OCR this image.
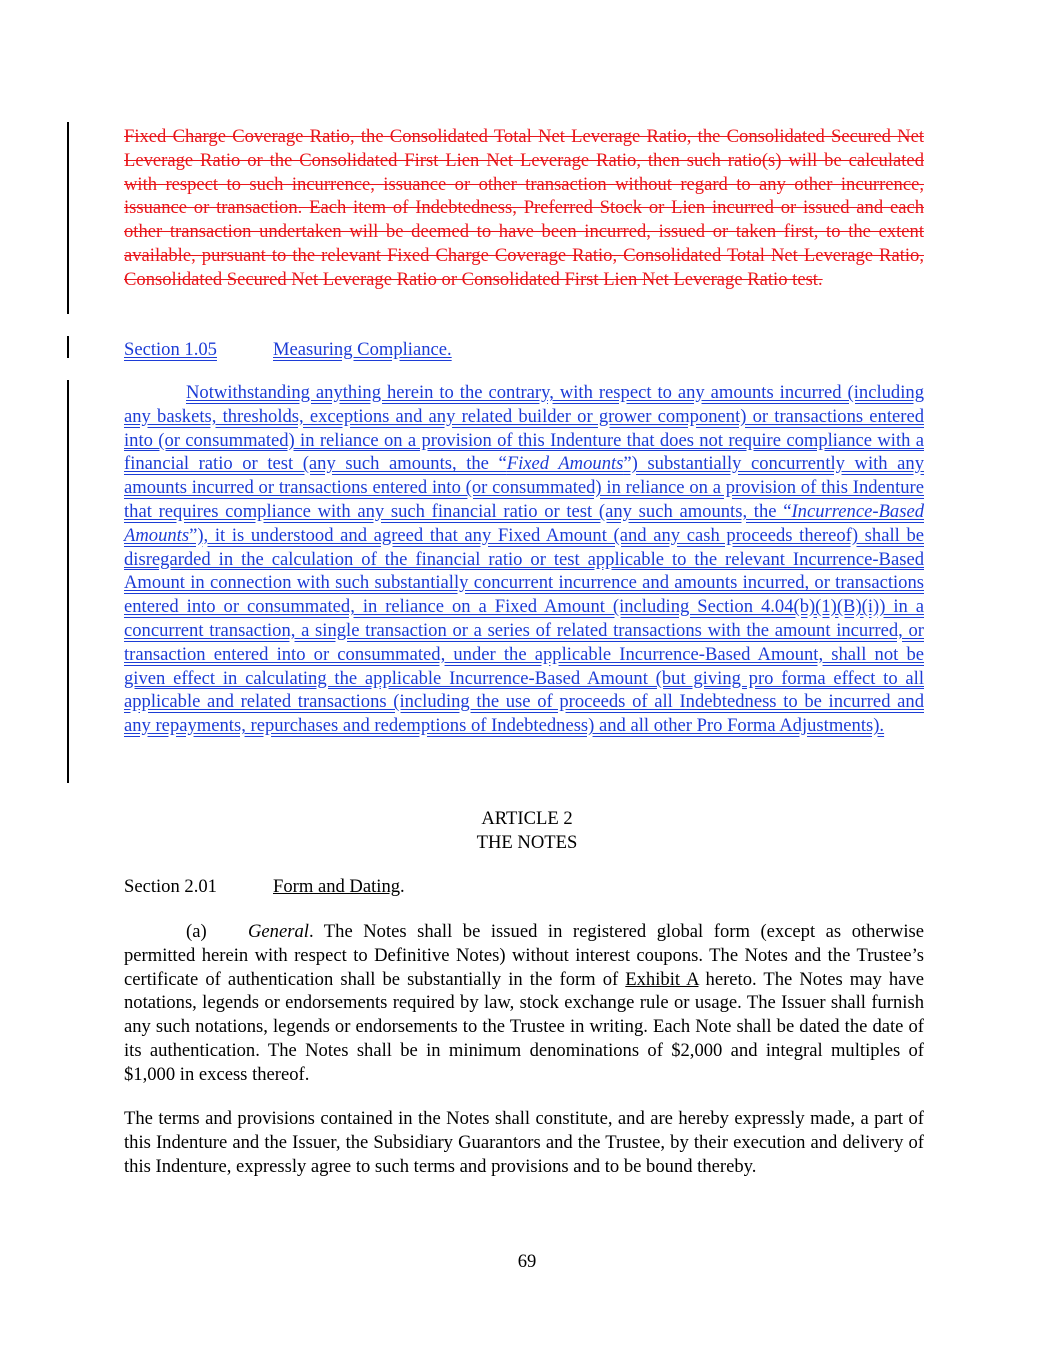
Fixed Charge Coverage Ratio, the Consolidated Total Net Leverage Ratio, the Consolidated Secured Net Leverage Ratio or the Consolidated First Lien Net Leverage Ratio, then such ratio(s) will be calculated with respect to such incurrence, issuance or other transaction without regard to any other incurrence, issuance or transaction. Each item of Indebtedness, Preferred Stock or Lien incurred or issued and each other transaction undertaken will be deemed to have been incurred, issued or taken first, to the extent available, pursuant to the relevant Fixed Charge Coverage Ratio, Consolidated Total Net Leverage Ratio, Consolidated Secured Net Leverage Ratio or Consolidated First Lien Net Leverage Ratio test.

Section 1.05	Measuring Compliance.

Notwithstanding anything herein to the contrary, with respect to any amounts incurred (including any baskets, thresholds, exceptions and any related builder or grower component) or transactions entered into (or consummated) in reliance on a provision of this Indenture that does not require compliance with a financial ratio or test (any such amounts, the “Fixed Amounts”) substantially concurrently with any amounts incurred or transactions entered into (or consummated) in reliance on a provision of this Indenture that requires compliance with any such financial ratio or test (any such amounts, the “Incurrence-Based Amounts”), it is understood and agreed that any Fixed Amount (and any cash proceeds thereof) shall be disregarded in the calculation of the financial ratio or test applicable to the relevant Incurrence-Based Amount in connection with such substantially concurrent incurrence and amounts incurred, or transactions entered into or consummated, in reliance on a Fixed Amount (including Section 4.04(b)(1)(B)(i)) in a concurrent transaction, a single transaction or a series of related transactions with the amount incurred, or transaction entered into or consummated, under the applicable Incurrence-Based Amount, shall not be given effect in calculating the applicable Incurrence-Based Amount (but giving pro forma effect to all applicable and related transactions (including the use of proceeds of all Indebtedness to be incurred and any repayments, repurchases and redemptions of Indebtedness) and all other Pro Forma Adjustments).

ARTICLE 2

THE NOTES

Section 2.01	Form and Dating.

(a) General. The Notes shall be issued in registered global form (except as otherwise permitted herein with respect to Definitive Notes) without interest coupons. The Notes and the Trustee’s certificate of authentication shall be substantially in the form of Exhibit A hereto. The Notes may have notations, legends or endorsements required by law, stock exchange rule or usage. The Issuer shall furnish any such notations, legends or endorsements to the Trustee in writing. Each Note shall be dated the date of its authentication. The Notes shall be in minimum denominations of $2,000 and integral multiples of $1,000 in excess thereof.

The terms and provisions contained in the Notes shall constitute, and are hereby expressly made, a part of this Indenture and the Issuer, the Subsidiary Guarantors and the Trustee, by their execution and delivery of this Indenture, expressly agree to such terms and provisions and to be bound thereby.

69
